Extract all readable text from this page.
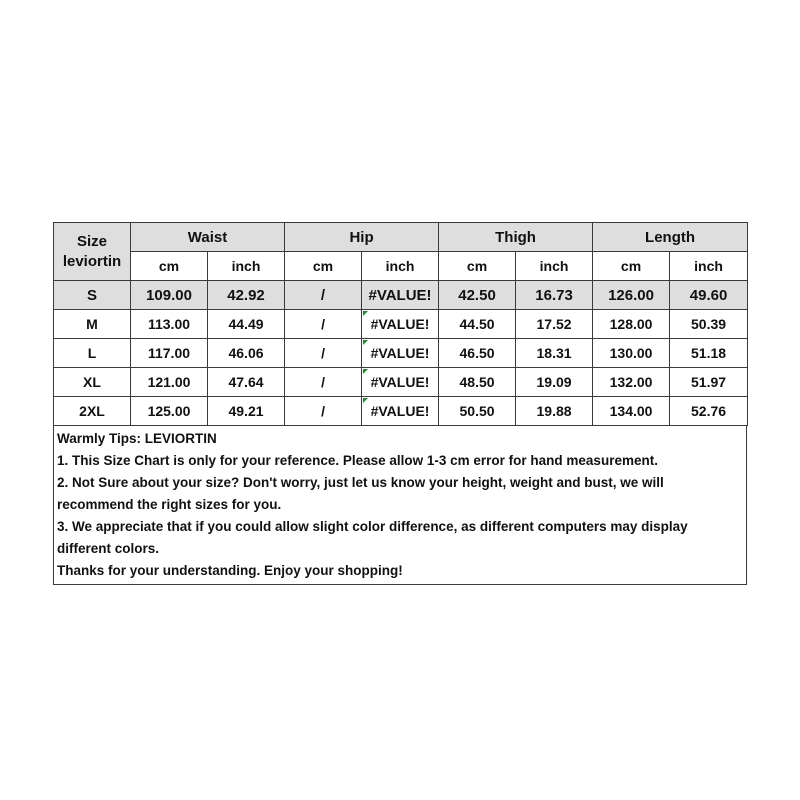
Size
leviortin	Waist		Hip		Thigh		Length	
	cm	inch	cm	inch	cm	inch	cm	inch
S	109.00	42.92	/	#VALUE!	42.50	16.73	126.00	49.60
M	113.00	44.49	/	#VALUE!	44.50	17.52	128.00	50.39
L	117.00	46.06	/	#VALUE!	46.50	18.31	130.00	51.18
XL	121.00	47.64	/	#VALUE!	48.50	19.09	132.00	51.97
2XL	125.00	49.21	/	#VALUE!	50.50	19.88	134.00	52.76

Warmly Tips: LEVIORTIN

1. This Size Chart is only for your reference. Please allow 1-3 cm error for hand measurement.

2. Not Sure about your size? Don't worry, just let us know your height, weight and bust, we will recommend the right sizes for you.

3. We appreciate that if you could allow slight color difference, as different computers may display different colors.

Thanks for your understanding. Enjoy your shopping!
